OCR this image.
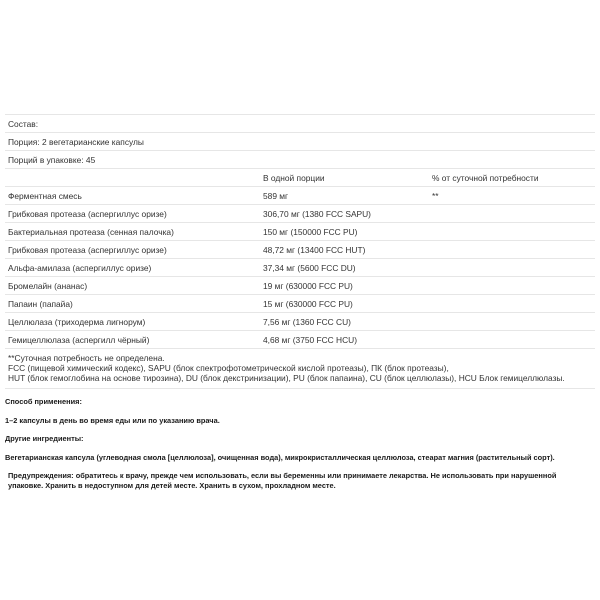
Состав:		
Порция: 2 вегетарианские капсулы		
Порций в упаковке: 45		
	В одной порции	% от суточной потребности
Ферментная смесь	589 мг	**
Грибковая протеаза (аспергиллус оризе)	306,70 мг (1380 FCC SAPU)	
Бактериальная протеаза (сенная палочка)	150 мг (150000 FCC PU)	
Грибковая протеаза (аспергиллус оризе)	48,72 мг (13400 FCC HUT)	
Альфа-амилаза (аспергиллус оризе)	37,34 мг (5600 FCC DU)	
Бромелайн (ананас)	19 мг (630000 FCC PU)	
Папаин (папайа)	15 мг (630000 FCC PU)	
Целлюлаза (триходерма лигнорум)	7,56 мг (1360 FCC CU)	
Гемицеллюлаза (аспергилл чёрный)	4,68 мг (3750 FCC HCU)	
**Суточная потребность не определена.
FCC (пищевой химический кодекс), SAPU (блок спектрофотометрической кислой протеазы), ПК (блок протеазы),
HUT (блок гемоглобина на основе тирозина), DU (блок декстринизации), PU (блок папаина), CU (блок целлюлазы), HCU Блок гемицеллюлазы.

Способ применения:

1–2 капсулы в день во время еды или по указанию врача.

Другие ингредиенты:

Вегетарианская капсула (углеводная смола [целлюлоза], очищенная вода), микрокристаллическая целлюлоза, стеарат магния (растительный сорт).

Предупреждения: обратитесь к врачу, прежде чем использовать, если вы беременны или принимаете лекарства. Не использовать при нарушенной
упаковке. Хранить в недоступном для детей месте. Хранить в сухом, прохладном месте.
